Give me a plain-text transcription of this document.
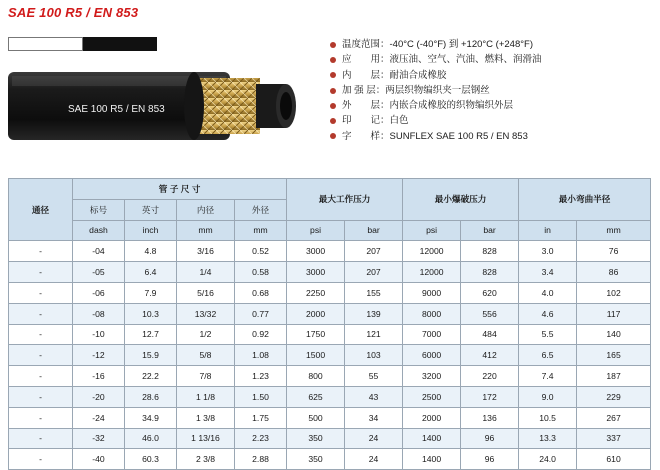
SAE 100 R5 / EN 853
SAE 100 R5 / EN 853
温度范围： -40°C (-40°F) 到 +120°C (+248°F)
应　　用： 液压油、空气、汽油、燃料、润滑油
内　　层： 耐油合成橡胶
加 强 层： 两层织物编织夹一层钢丝
外　　层： 内嵌合成橡胶的织物编织外层
印　　记： 白色
字　　样： SUNFLEX SAE 100 R5 / EN 853
通径	管 子 尺 寸				最大工作压力		最小爆破压力		最小弯曲半径	
	标号	英寸	内径	外径						
	dash	inch	mm	mm	psi	bar	psi	bar	in	mm
-	-04	4.8	3/16	0.52	3000	207	12000	828	3.0	76
-	-05	6.4	1/4	0.58	3000	207	12000	828	3.4	86
-	-06	7.9	5/16	0.68	2250	155	9000	620	4.0	102
-	-08	10.3	13/32	0.77	2000	139	8000	556	4.6	117
-	-10	12.7	1/2	0.92	1750	121	7000	484	5.5	140
-	-12	15.9	5/8	1.08	1500	103	6000	412	6.5	165
-	-16	22.2	7/8	1.23	800	55	3200	220	7.4	187
-	-20	28.6	1 1/8	1.50	625	43	2500	172	9.0	229
-	-24	34.9	1 3/8	1.75	500	34	2000	136	10.5	267
-	-32	46.0	1 13/16	2.23	350	24	1400	96	13.3	337
-	-40	60.3	2 3/8	2.88	350	24	1400	96	24.0	610
